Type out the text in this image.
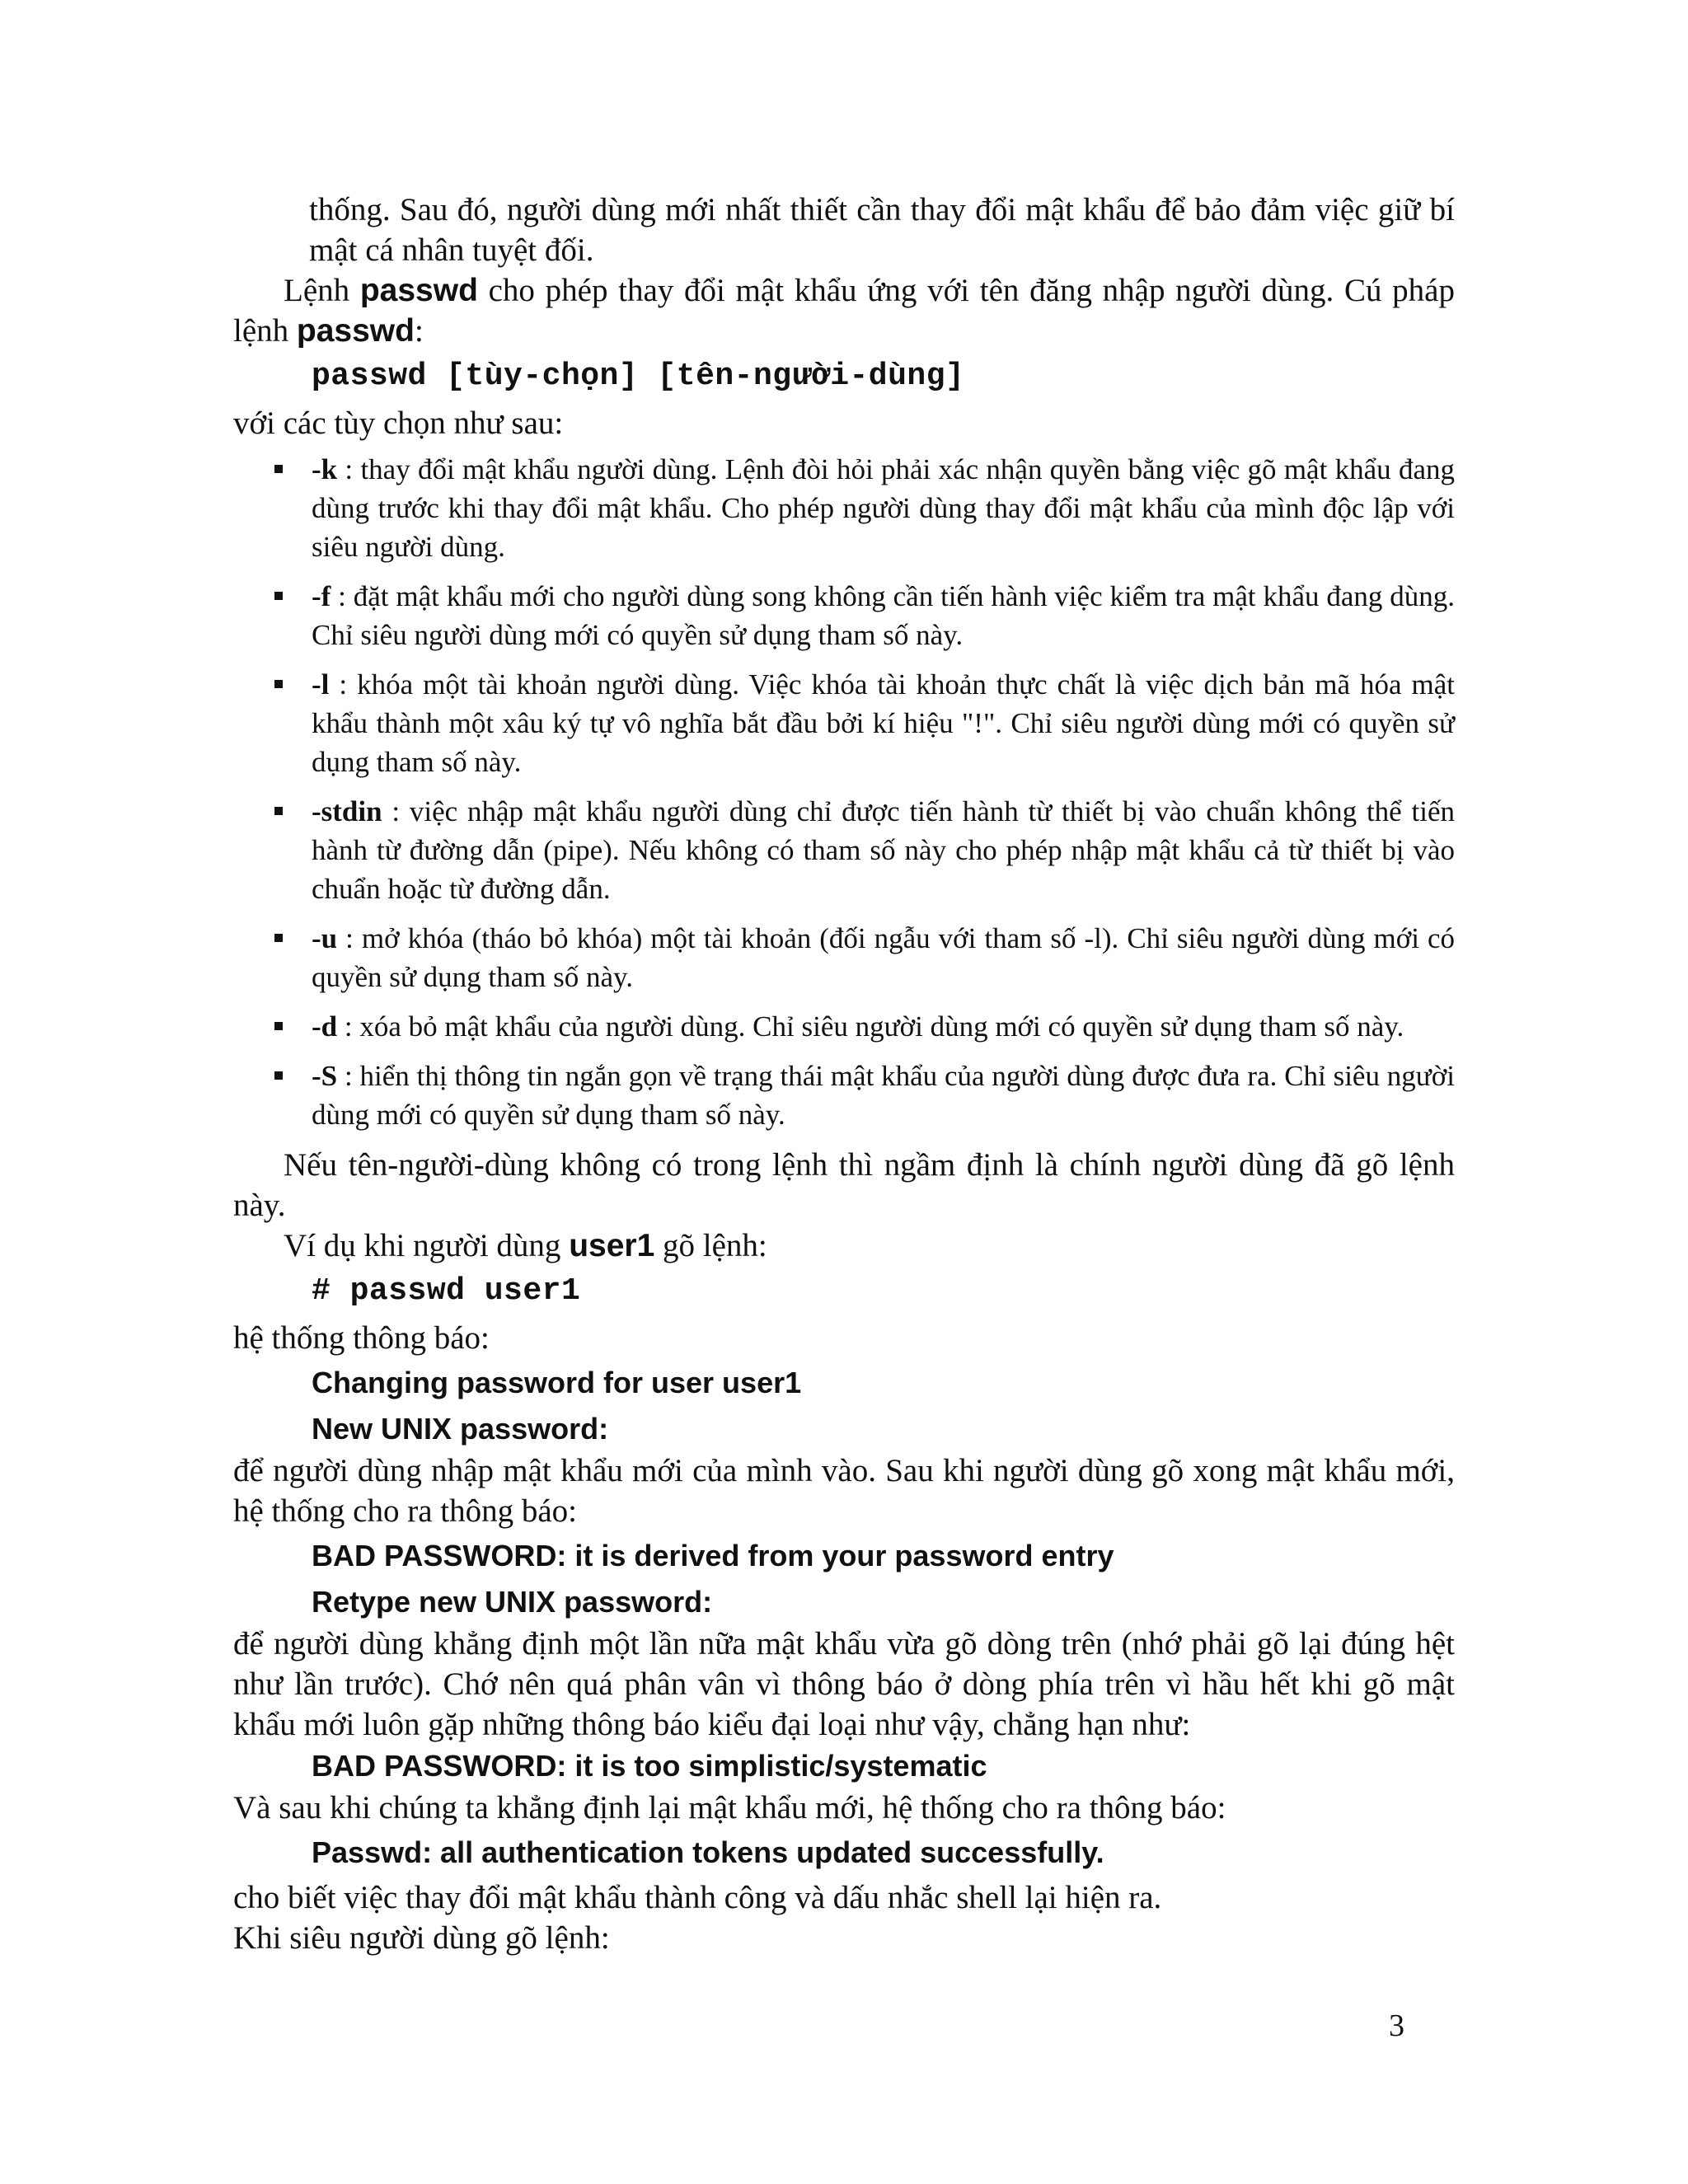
thống. Sau đó, người dùng mới nhất thiết cần thay đổi mật khẩu để bảo đảm việc giữ bí mật cá nhân tuyệt đối.

Lệnh passwd cho phép thay đổi mật khẩu ứng với tên đăng nhập người dùng. Cú pháp lệnh passwd:

passwd [tùy-chọn] [tên-người-dùng]

với các tùy chọn như sau:

-k : thay đổi mật khẩu người dùng. Lệnh đòi hỏi phải xác nhận quyền bằng việc gõ mật khẩu đang dùng trước khi thay đổi mật khẩu. Cho phép người dùng thay đổi mật khẩu của mình độc lập với siêu người dùng.
-f : đặt mật khẩu mới cho người dùng song không cần tiến hành việc kiểm tra mật khẩu đang dùng. Chỉ siêu người dùng mới có quyền sử dụng tham số này.
-l : khóa một tài khoản người dùng. Việc khóa tài khoản thực chất là việc dịch bản mã hóa mật khẩu thành một xâu ký tự vô nghĩa bắt đầu bởi kí hiệu "!". Chỉ siêu người dùng mới có quyền sử dụng tham số này.
-stdin : việc nhập mật khẩu người dùng chỉ được tiến hành từ thiết bị vào chuẩn không thể tiến hành từ đường dẫn (pipe). Nếu không có tham số này cho phép nhập mật khẩu cả từ thiết bị vào chuẩn hoặc từ đường dẫn.
-u : mở khóa (tháo bỏ khóa) một tài khoản (đối ngẫu với tham số -l). Chỉ siêu người dùng mới có quyền sử dụng tham số này.
-d : xóa bỏ mật khẩu của người dùng. Chỉ siêu người dùng mới có quyền sử dụng tham số này.
-S : hiển thị thông tin ngắn gọn về trạng thái mật khẩu của người dùng được đưa ra. Chỉ siêu người dùng mới có quyền sử dụng tham số này.

Nếu tên-người-dùng không có trong lệnh thì ngầm định là chính người dùng đã gõ lệnh này.

Ví dụ khi người dùng user1 gõ lệnh:

# passwd user1

hệ thống thông báo:

Changing password for user user1

New UNIX password:

để người dùng nhập mật khẩu mới của mình vào. Sau khi người dùng gõ xong mật khẩu mới, hệ thống cho ra thông báo:

BAD PASSWORD: it is derived from your password entry

Retype new UNIX password:

để người dùng khẳng định một lần nữa mật khẩu vừa gõ dòng trên (nhớ phải gõ lại đúng hệt như lần trước). Chớ nên quá phân vân vì thông báo ở dòng phía trên vì hầu hết khi gõ mật khẩu mới luôn gặp những thông báo kiểu đại loại như vậy, chẳng hạn như:

BAD PASSWORD: it is too simplistic/systematic

Và sau khi chúng ta khẳng định lại mật khẩu mới, hệ thống cho ra thông báo:

Passwd: all authentication tokens updated successfully.

cho biết việc thay đổi mật khẩu thành công và dấu nhắc shell lại hiện ra.

Khi siêu người dùng gõ lệnh:

3
